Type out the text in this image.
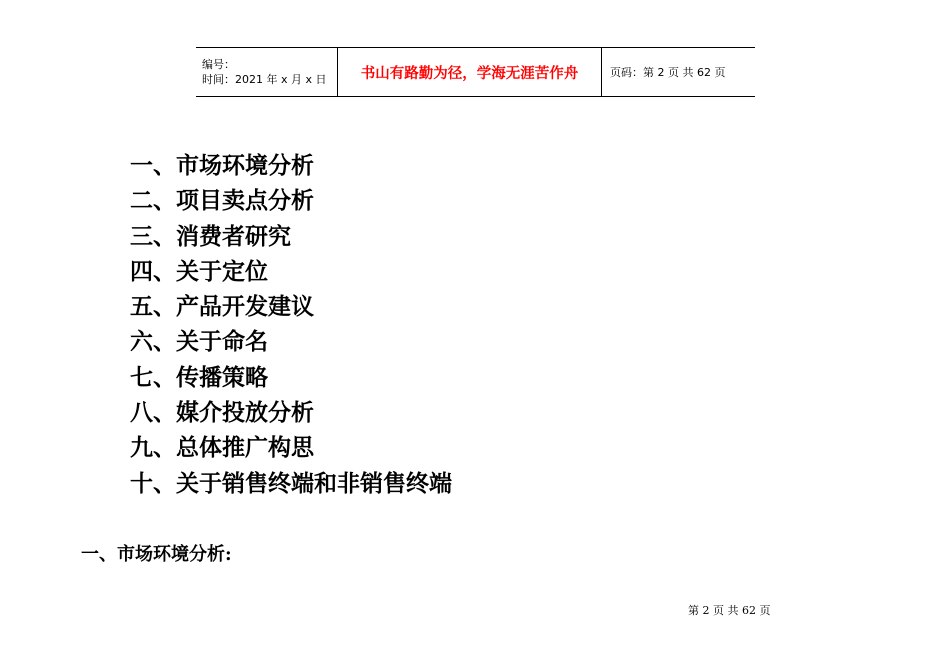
编号：
时间：2021 年 x 月 x 日	书山有路勤为径，学海无涯苦作舟	页码：第 2 页 共 62 页
一、市场环境分析
二、项目卖点分析
三、消费者研究
四、关于定位
五、产品开发建议
六、关于命名
七、传播策略
八、媒介投放分析
九、总体推广构思
十、关于销售终端和非销售终端
一、市场环境分析:
第 2 页 共 62 页
